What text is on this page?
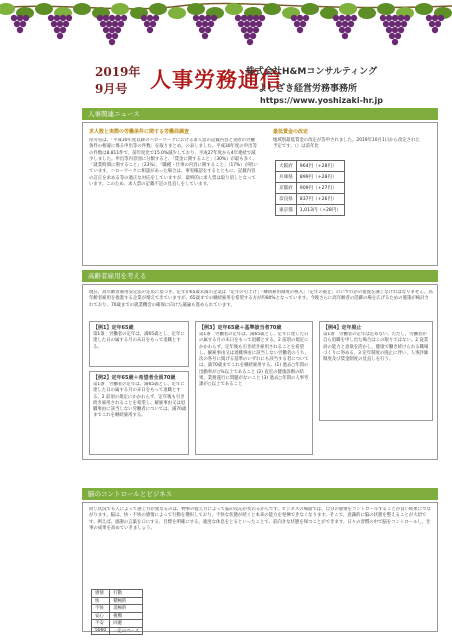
2019年
9月号 人事労務通信
株式会社H&Mコンサルティング
よしざき経営労務事務所
https://www.yoshizaki-hr.jp
人事関連ニュース
求人数と実際の労働条件に関する労働局調査
厚労省は、「平成30年度以降のハローワークにおける求人票の記載内容と実際の労働条件の相違に係る申出等の件数」を取りまとめ、公表しました。平成30年度の申出等の件数は8,811件で、前年度比で15.0%減少しており、平成27年度から4年連続で減少しました。申出等内容別に分類すると、「賃金に関すること」（30%）が最も多く、「就業時間に関すること」（23%）、「職種・仕事の内容に関すること」（17%）が続いています。ハローワークに相談があった場合は、事実確認をするとともに、記載内容の訂正を求める等の適正な対応をしていますが、最終的に求人票は取り消しとなっています。このため、求人票の記載不足の見直しをしています。
最低賃金の改定
地域別最低賃金の改定が答申されました。2019年10月1日から改定された予定です。（）は前年比
大阪府	964円（+28円）
兵庫県	899円（+28円）
京都府	909円（+27円）
奈良県	837円（+26円）
東京都	1,013円（+28円）
高齢者雇用を考える
現在、高年齢者雇用安定法の定めに基づき、定年が65歳未満の企業は「定年の引上げ」「継続雇用制度の導入」「定年の廃止」のいずれかの措置を講じなければなりません。高年齢者雇用を推進する企業が増えてきていますが、65歳までの継続雇用を希望する方が約80%となっています。今後さらに高年齢者の活躍の場を広げるための施策が検討されており、70歳までの就業機会の確保に向けた議論も進められています。
【例1】定年65歳
第1条　労働者の定年は、満65歳とし、定年に達した日の属する月の末日をもって退職とする。
【例2】定年65歳＋希望者全員70歳
第1条　労働者の定年は、満65歳とし、定年に達した日の属する月の末日をもって退職とする。2 前項の規定にかかわらず、定年後も引き続き雇用されることを希望し、解雇事由又は退職事由に該当しない労働者については、満70歳までこれを継続雇用する。
【例3】定年65歳＋基準該当者70歳
第1条　労働者の定年は、満65歳とし、定年に達した日の属する月の末日をもって退職とする。2 前項の規定にかかわらず、定年後も引き続き雇用されることを希望し、解雇事由又は退職事由に該当しない労働者のうち、次の各号に掲げる基準のいずれにも該当する者については、満70歳までこれを継続雇用する。(1) 過去○年間の出勤率が○%以上であること (2) 直近の健康診断の結果、業務遂行に問題がないこと (3) 過去○年間の人事考課が○以上であること
【例4】定年廃止
第1条　労働者の定年は定めない。ただし、労働者が自ら退職を申し出た場合はこの限りではない。2 従業員の能力と意欲を活かし、健康で働き続けられる職場づくりに努める。3 定年制度の廃止に伴い、人事評価制度及び賃金制度の見直しを行う。
脳のコントロールとビジネス
同じ状況でも人によって感じ方が異なるのは、物事の捉え方によって脳の反応が変わるからです。ビジネスの場面では、自分の感情をコントロールすることが良い結果につながります。脳は、快・不快の感情によって行動を選択しており、不快な状態が続くと本来の能力を発揮できなくなります。そこで、意識的に脳の状態を整えることが大切です。例えば、感謝の言葉を口にする、目標を明確にする、適度な休息をとるといったことで、前向きな状態を保つことができます。日々の習慣の中で脳をコントロールし、仕事の成果を高めていきましょう。
感情	行動
快	積極的
不快	消極的
安心	挑戦
不安	回避
5060	一定のペース
